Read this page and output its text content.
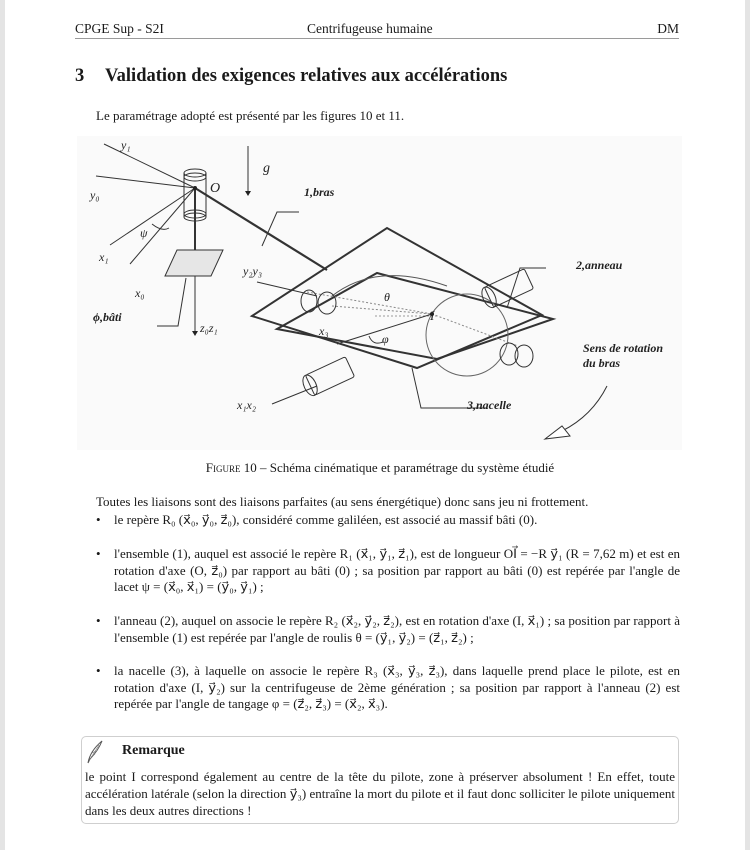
CPGE Sup - S2I	Centrifugeuse humaine	DM
3 Validation des exigences relatives aux accélérations
Le paramétrage adopté est présenté par les figures 10 et 11.
y₁
y₀
x₁
x₀
ψ
O
g⃗
1,bras
ϕ,bâti
z₀z₁
y₂y₃
θ
I
x₃
φ
2,anneau
x₁x₂	3,nacelle
Sens de rotation
du bras
Figure 10 – Schéma cinématique et paramétrage du système étudié
Toutes les liaisons sont des liaisons parfaites (au sens énergétique) donc sans jeu ni frottement.
• le repère R₀ (x⃗₀, y⃗₀, z⃗₀), considéré comme galiléen, est associé au massif bâti (0).
• l'ensemble (1), auquel est associé le repère R₁ (x⃗₁, y⃗₁, z⃗₁), est de longueur OI⃗ = −R y⃗₁ (R = 7,62 m) et est en rotation d'axe (O, z⃗₀) par rapport au bâti (0) ; sa position par rapport au bâti (0) est repérée par l'angle de lacet ψ = (x⃗₀, x⃗₁) = (y⃗₀, y⃗₁) ;
• l'anneau (2), auquel on associe le repère R₂ (x⃗₂, y⃗₂, z⃗₂), est en rotation d'axe (I, x⃗₁) ; sa position par rapport à l'ensemble (1) est repérée par l'angle de roulis θ = (y⃗₁, y⃗₂) = (z⃗₁, z⃗₂) ;
• la nacelle (3), à laquelle on associe le repère R₃ (x⃗₃, y⃗₃, z⃗₃), dans laquelle prend place le pilote, est en rotation d'axe (I, y⃗₂) sur la centrifugeuse de 2ème génération ; sa position par rapport à l'anneau (2) est repérée par l'angle de tangage φ = (z⃗₂, z⃗₃) = (x⃗₂, x⃗₃).
Remarque
le point I correspond également au centre de la tête du pilote, zone à préserver absolument ! En effet, toute accélération latérale (selon la direction y⃗₃) entraîne la mort du pilote et il faut donc solliciter le pilote uniquement dans les deux autres directions !
